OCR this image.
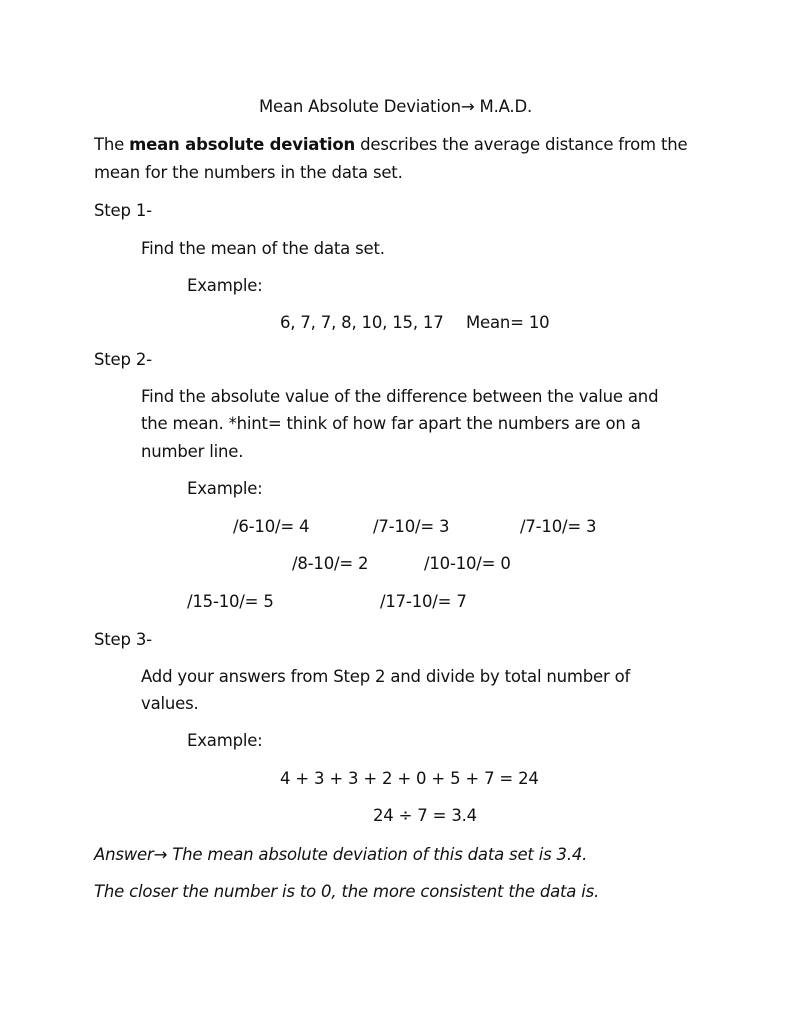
Mean Absolute Deviation→ M.A.D.
The mean absolute deviation describes the average distance from the
mean for the numbers in the data set.
Step 1-
Find the mean of the data set.
Example:
6, 7, 7, 8, 10, 15, 17 Mean= 10
Step 2-
Find the absolute value of the difference between the value and
the mean. *hint= think of how far apart the numbers are on a
number line.
Example:
/6-10/= 4	/7-10/= 3	/7-10/= 3
/8-10/= 2	/10-10/= 0
/15-10/= 5	/17-10/= 7
Step 3-
Add your answers from Step 2 and divide by total number of
values.
Example:
4 + 3 + 3 + 2 + 0 + 5 + 7 = 24
24 ÷ 7 = 3.4
Answer→ The mean absolute deviation of this data set is 3.4.
The closer the number is to 0, the more consistent the data is.
